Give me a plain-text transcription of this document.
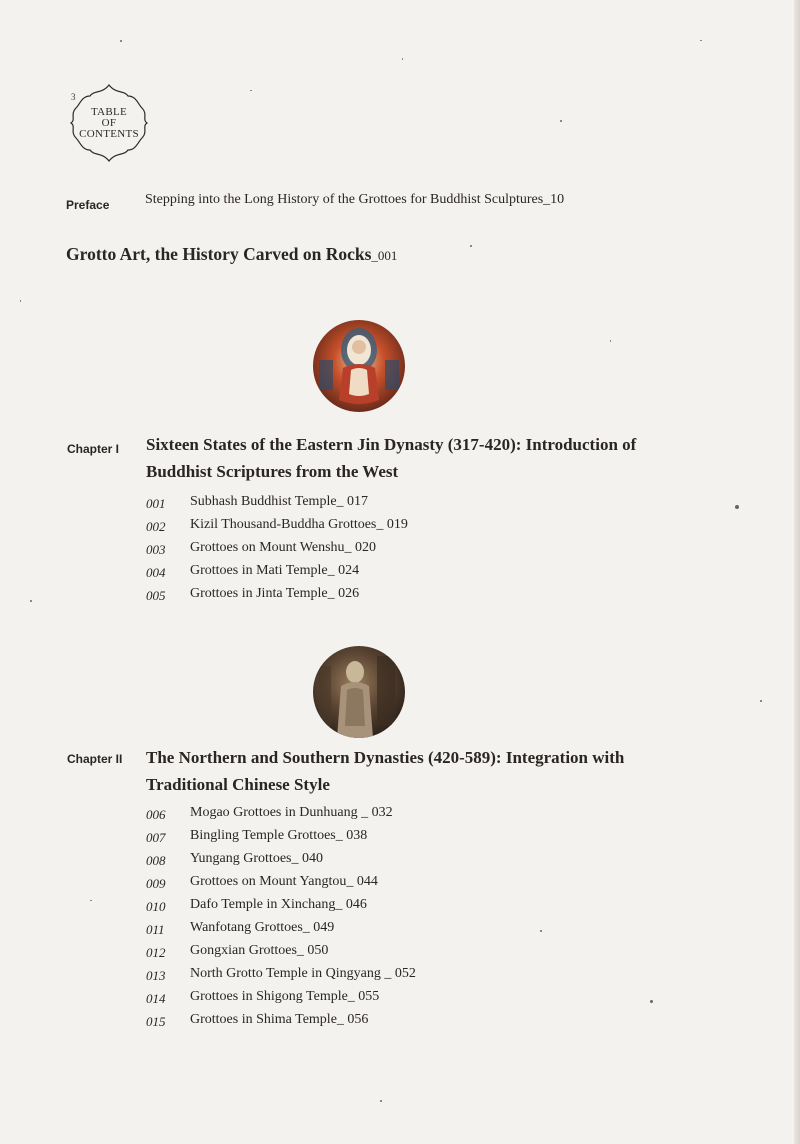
TABLE
OF
CONTENTS
3
Preface	Stepping into the Long History of the Grottoes for Buddhist Sculptures_10
Grotto Art, the History Carved on Rocks_001
Chapter I Sixteen States of the Eastern Jin Dynasty (317-420): Introduction of
Buddhist Scriptures from the West
001 Subhash Buddhist Temple_ 017
002 Kizil Thousand-Buddha Grottoes_ 019
003 Grottoes on Mount Wenshu_ 020
004 Grottoes in Mati Temple_ 024
005 Grottoes in Jinta Temple_ 026
Chapter II The Northern and Southern Dynasties (420-589): Integration with
Traditional Chinese Style
006 Mogao Grottoes in Dunhuang _ 032
007 Bingling Temple Grottoes_ 038
008 Yungang Grottoes_ 040
009 Grottoes on Mount Yangtou_ 044
010 Dafo Temple in Xinchang_ 046
011 Wanfotang Grottoes_ 049
012 Gongxian Grottoes_ 050
013 North Grotto Temple in Qingyang _ 052
014 Grottoes in Shigong Temple_ 055
015 Grottoes in Shima Temple_ 056
